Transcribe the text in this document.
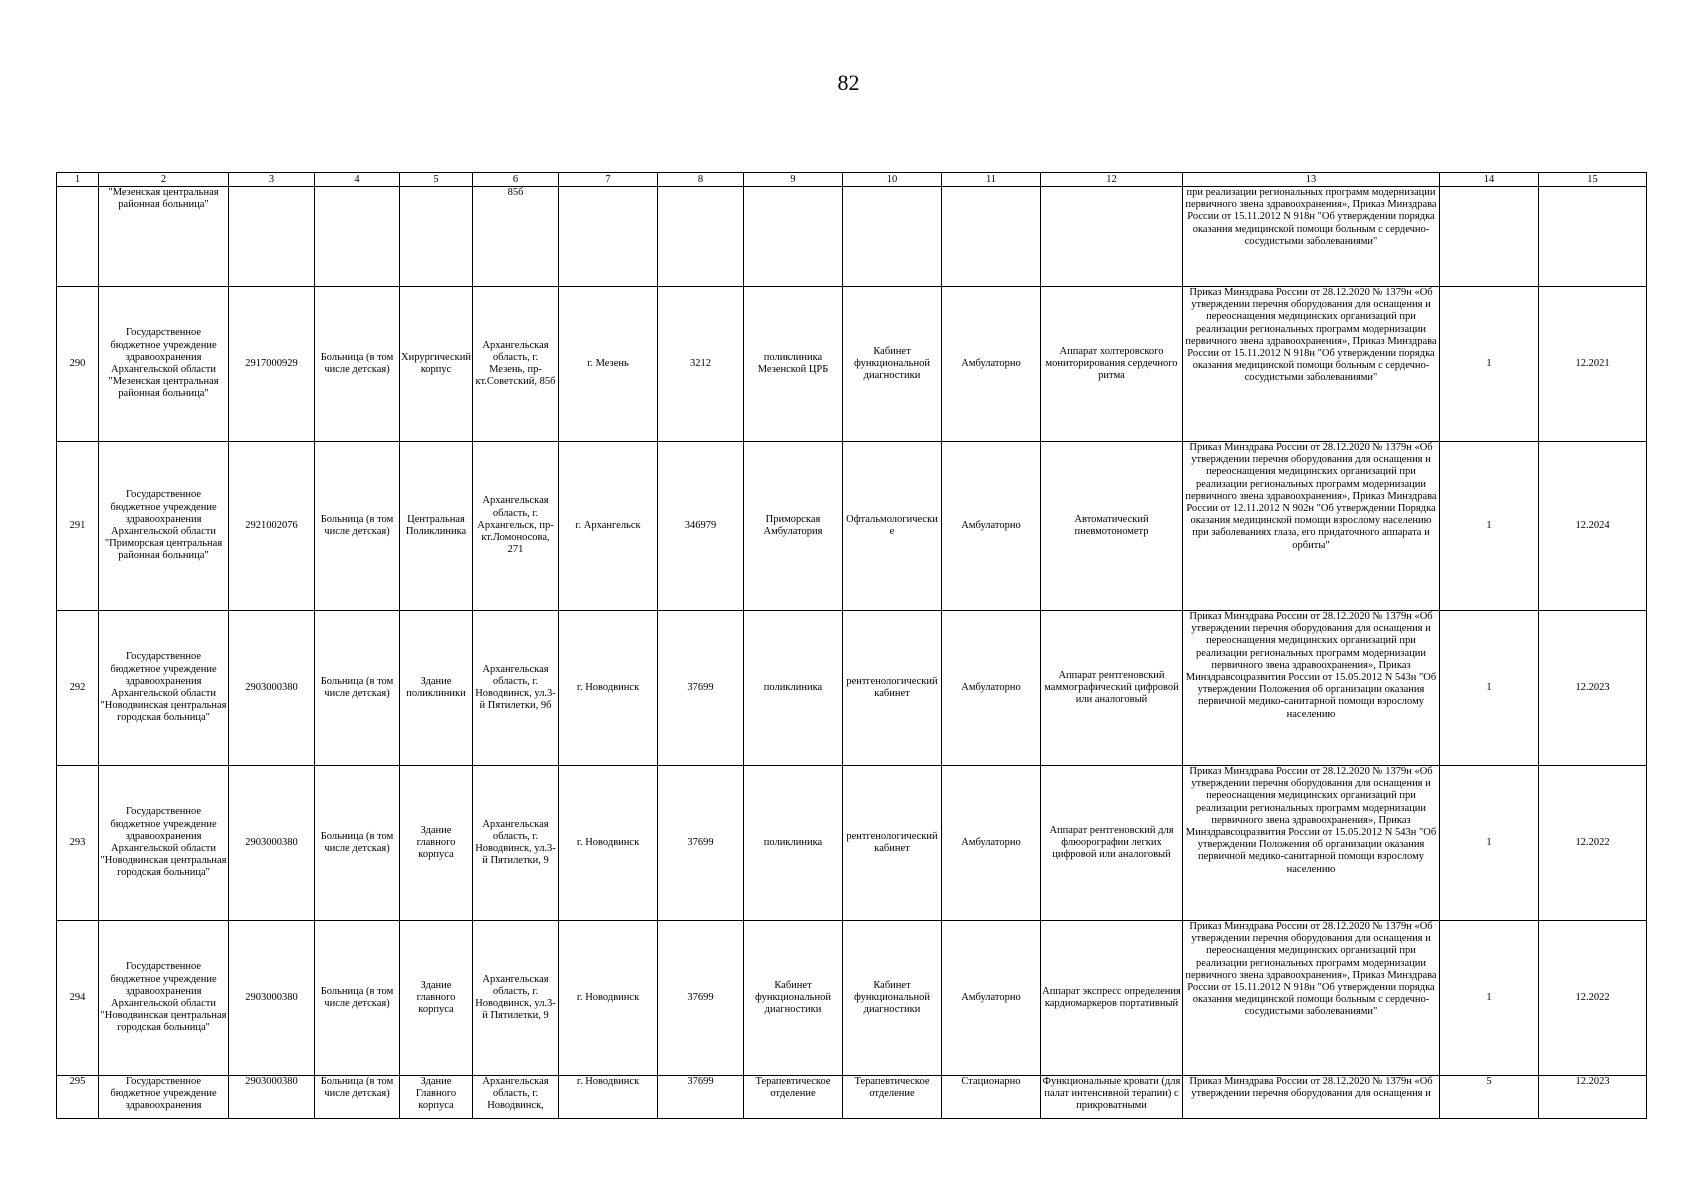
82
1	2	3	4	5	6	7	8	9	10	11	12	13	14	15
	"Мезенская центральная районная больница"				85б							при реализации региональных программ модернизации первичного звена здравоохранения», Приказ Минздрава России от 15.11.2012 N 918н "Об утверждении порядка оказания медицинской помощи больным с сердечно-сосудистыми заболеваниями"		
290	Государственное бюджетное учреждение здравоохранения Архангельской области "Мезенская центральная районная больница"	2917000929	Больница (в том числе детская)	Хирургический корпус	Архангельская область, г. Мезень, пр-кт.Советский, 85б	г. Мезень	3212	поликлиника Мезенской ЦРБ	Кабинет функциональной диагностики	Амбулаторно	Аппарат холтеровского мониторирования сердечного ритма	Приказ Минздрава России от 28.12.2020 № 1379н «Об утверждении перечня оборудования для оснащения и переоснащения медицинских организаций при реализации региональных программ модернизации первичного звена здравоохранения», Приказ Минздрава России от 15.11.2012 N 918н "Об утверждении порядка оказания медицинской помощи больным с сердечно-сосудистыми заболеваниями"	1	12.2021
291	Государственное бюджетное учреждение здравоохранения Архангельской области "Приморская центральная районная больница"	2921002076	Больница (в том числе детская)	Центральная Поликлиника	Архангельская область, г. Архангельск, пр-кт.Ломоносова, 271	г. Архангельск	346979	Приморская Амбулатория	Офтальмологические	Амбулаторно	Автоматический пневмотонометр	Приказ Минздрава России от 28.12.2020 № 1379н «Об утверждении перечня оборудования для оснащения и переоснащения медицинских организаций при реализации региональных программ модернизации первичного звена здравоохранения», Приказ Минздрава России от 12.11.2012 N 902н "Об утверждении Порядка оказания медицинской помощи взрослому населению при заболеваниях глаза, его придаточного аппарата и орбиты"	1	12.2024
292	Государственное бюджетное учреждение здравоохранения Архангельской области "Новодвинская центральная городская больница"	2903000380	Больница (в том числе детская)	Здание поликлиники	Архангельская область, г. Новодвинск, ул.3-й Пятилетки, 9б	г. Новодвинск	37699	поликлиника	рентгенологический кабинет	Амбулаторно	Аппарат рентгеновский маммографический цифровой или аналоговый	Приказ Минздрава России от 28.12.2020 № 1379н «Об утверждении перечня оборудования для оснащения и переоснащения медицинских организаций при реализации региональных программ модернизации первичного звена здравоохранения», Приказ Минздравсоцразвития России от 15.05.2012 N 543н "Об утверждении Положения об организации оказания первичной медико-санитарной помощи взрослому населению	1	12.2023
293	Государственное бюджетное учреждение здравоохранения Архангельской области "Новодвинская центральная городская больница"	2903000380	Больница (в том числе детская)	Здание главного корпуса	Архангельская область, г. Новодвинск, ул.3-й Пятилетки, 9	г. Новодвинск	37699	поликлиника	рентгенологический кабинет	Амбулаторно	Аппарат рентгеновский для флюорографии легких цифровой или аналоговый	Приказ Минздрава России от 28.12.2020 № 1379н «Об утверждении перечня оборудования для оснащения и переоснащения медицинских организаций при реализации региональных программ модернизации первичного звена здравоохранения», Приказ Минздравсоцразвития России от 15.05.2012 N 543н "Об утверждении Положения об организации оказания первичной медико-санитарной помощи взрослому населению	1	12.2022
294	Государственное бюджетное учреждение здравоохранения Архангельской области "Новодвинская центральная городская больница"	2903000380	Больница (в том числе детская)	Здание главного корпуса	Архангельская область, г. Новодвинск, ул.3-й Пятилетки, 9	г. Новодвинск	37699	Кабинет функциональной диагностики	Кабинет функциональной диагностики	Амбулаторно	Аппарат экспресс определения кардиомаркеров портативный	Приказ Минздрава России от 28.12.2020 № 1379н «Об утверждении перечня оборудования для оснащения и переоснащения медицинских организаций при реализации региональных программ модернизации первичного звена здравоохранения», Приказ Минздрава России от 15.11.2012 N 918н "Об утверждении порядка оказания медицинской помощи больным с сердечно-сосудистыми заболеваниями"	1	12.2022
295	Государственное бюджетное учреждение здравоохранения	2903000380	Больница (в том числе детская)	Здание Главного корпуса	Архангельская область, г. Новодвинск,	г. Новодвинск	37699	Терапевтическое отделение	Терапевтическое отделение	Стационарно	Функциональные кровати (для палат интенсивной терапии) с прикроватными	Приказ Минздрава России от 28.12.2020 № 1379н «Об утверждении перечня оборудования для оснащения и	5	12.2023
